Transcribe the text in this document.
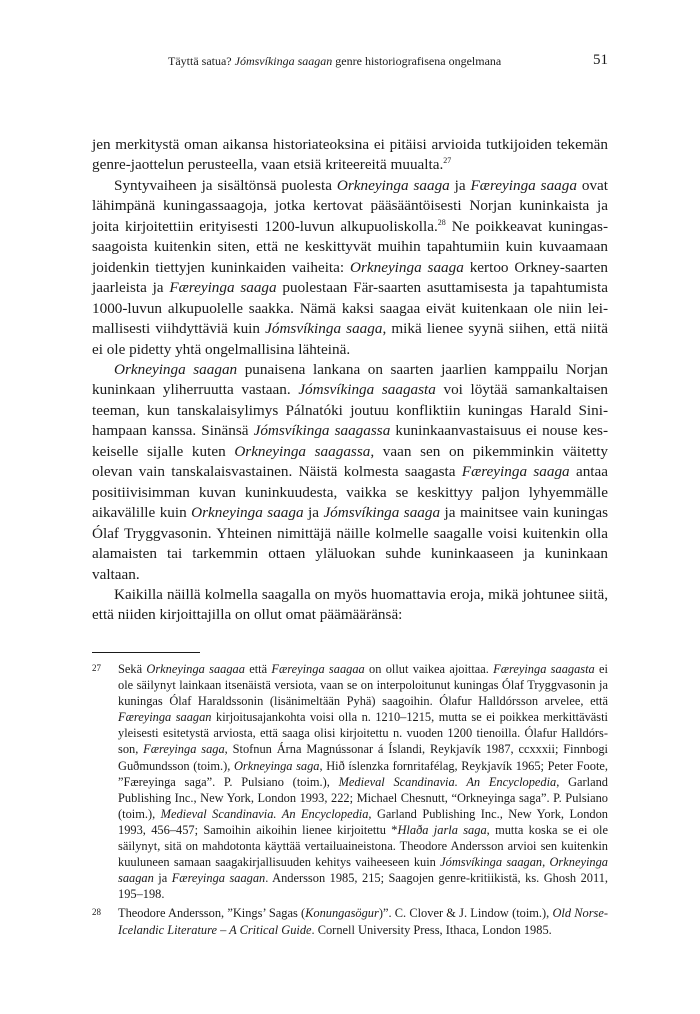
Täyttä satua? Jómsvíkinga saagan genre historiografisena ongelmana	51

jen merkitystä oman aikansa historiateoksina ei pitäisi arvioida tutkijoiden tekemän genre-jaottelun perusteella, vaan etsiä kriteereitä muualta.$^{27}$

Syntyvaiheen ja sisältönsä puolesta Orkneyinga saaga ja Færeyinga saaga ovat lähimpänä kuningassaagoja, jotka kertovat pääsääntöisesti Norjan kuninkaista ja joita kirjoitettiin erityisesti 1200-luvun alkupuoliskolla.$^{28}$ Ne poikkeavat kuningassaagoista kuitenkin siten, että ne keskittyvät muihin tapahtumiin kuin kuvaamaan joidenkin tiettyjen kuninkaiden vaiheita: Orkneyinga saaga kertoo Orkney-saarten jaarleista ja Færeyinga saaga puolestaan Fär-saarten asuttamisesta ja tapahtumista 1000-luvun alkupuolelle saakka. Nämä kaksi saagaa eivät kuitenkaan ole niin leimallisesti viihdyttäviä kuin Jómsvíkinga saaga, mikä lienee syynä siihen, että niitä ei ole pidetty yhtä ongelmallisina lähteinä.

Orkneyinga saagan punaisena lankana on saarten jaarlien kamppailu Norjan kuninkaan yliherruutta vastaan. Jómsvíkinga saagasta voi löytää samankaltaisen teeman, kun tanskalaisylimys Pálnatóki joutuu konfliktiin kuningas Harald Sinihampaan kanssa. Sinänsä Jómsvíkinga saagassa kuninkaanvastaisuus ei nouse keskeiselle sijalle kuten Orkneyinga saagassa, vaan sen on pikemminkin väitetty olevan vain tanskalaisvastainen. Näistä kolmesta saagasta Færeyinga saaga antaa positiivisimman kuvan kuninkuudesta, vaikka se keskittyy paljon lyhyemmälle aikavälille kuin Orkneyinga saaga ja Jómsvíkinga saaga ja mainitsee vain kuningas Ólaf Tryggvasonin. Yhteinen nimittäjä näille kolmelle saagalle voisi kuitenkin olla alamaisten tai tarkemmin ottaen yläluokan suhde kuninkaaseen ja kuninkaan valtaan.

Kaikilla näillä kolmella saagalla on myös huomattavia eroja, mikä johtunee siitä, että niiden kirjoittajilla on ollut omat päämääränsä:

27	Sekä Orkneyinga saagaa että Færeyinga saagaa on ollut vaikea ajoittaa. Færeyinga saagasta ei ole säilynyt lainkaan itsenäistä versiota, vaan se on interpoloitunut kuningas Ólaf Tryggvasonin ja kuningas Ólaf Haraldssonin (lisänimeltään Pyhä) saagoihin. Ólafur Halldórsson arvelee, että Færeyinga saagan kirjoitusajankohta voisi olla n. 1210–1215, mutta se ei poikkea merkittävästi yleisesti esitetystä arviosta, että saaga olisi kirjoitettu n. vuoden 1200 tienoilla. Ólafur Halldórsson, Færeyinga saga, Stofnun Árna Magnússonar á Íslandi, Reykjavík 1987, ccxxxii; Finnbogi Guðmundsson (toim.), Orkneyinga saga, Hið íslenzka fornritafélag, Reykjavík 1965; Peter Foote, ”Færeyinga saga”. P. Pulsiano (toim.), Medieval Scandinavia. An Encyclopedia, Garland Publishing Inc., New York, London 1993, 222; Michael Chesnutt, “Orkneyinga saga”. P. Pulsiano (toim.), Medieval Scandinavia. An Encyclopedia, Garland Publishing Inc., New York, London 1993, 456–457; Samoihin aikoihin lienee kirjoitettu *Hlaða jarla saga, mutta koska se ei ole säilynyt, sitä on mahdotonta käyttää vertailuaineistona. Theodore Andersson arvioi sen kuitenkin kuuluneen samaan saagakirjallisuuden kehitys vaiheeseen kuin Jómsvíkinga saagan, Orkneyinga saagan ja Færeyinga saagan. Andersson 1985, 215; Saagojen genre-kritiikistä, ks. Ghosh 2011, 195–198.
28	Theodore Andersson, ”Kings’ Sagas (Konungasögur)”. C. Clover & J. Lindow (toim.), Old Norse-Icelandic Literature – A Critical Guide. Cornell University Press, Ithaca, London 1985.
